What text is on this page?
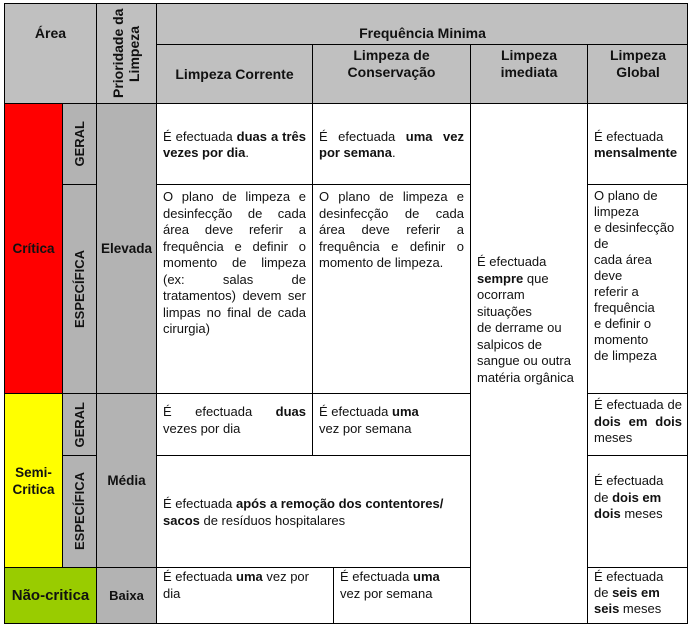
Área	Prioridade da Limpeza	Frequência Minima
Limpeza Corrente
Limpeza de Conservação
Limpeza imediata
Limpeza Global
Crítica
GERAL
ESPECÍFICA
Elevada
É efectuada duas a três vezes por dia.
É efectuada uma vez por semana.
É efectuada
mensalmente
O plano de limpeza e desinfecção de cada área deve referir a frequência e definir o momento de limpeza (ex: salas de tratamentos) devem ser limpas no final de cada cirurgia)
O plano de limpeza e desinfecção de cada área deve referir a frequência e definir o momento de limpeza.
O plano de
limpeza
e desinfecção
de
cada área
deve
referir a
frequência
e definir o
momento
de limpeza
É efectuada
sempre que
ocorram
situações
de derrame ou
salpicos de
sangue ou outra
matéria orgânica
Semi-Critica
GERAL
ESPECÍFICA Média
É efectuada duas
vezes por dia
É efectuada uma
vez por semana
É efectuada de dois em dois meses
É efectuada após a remoção dos contentores/ sacos de resíduos hospitalares
É efectuada de dois em dois meses
Não-critica Baixa
É efectuada uma vez por dia
É efectuada uma
vez por semana
É efectuada de seis em seis meses
